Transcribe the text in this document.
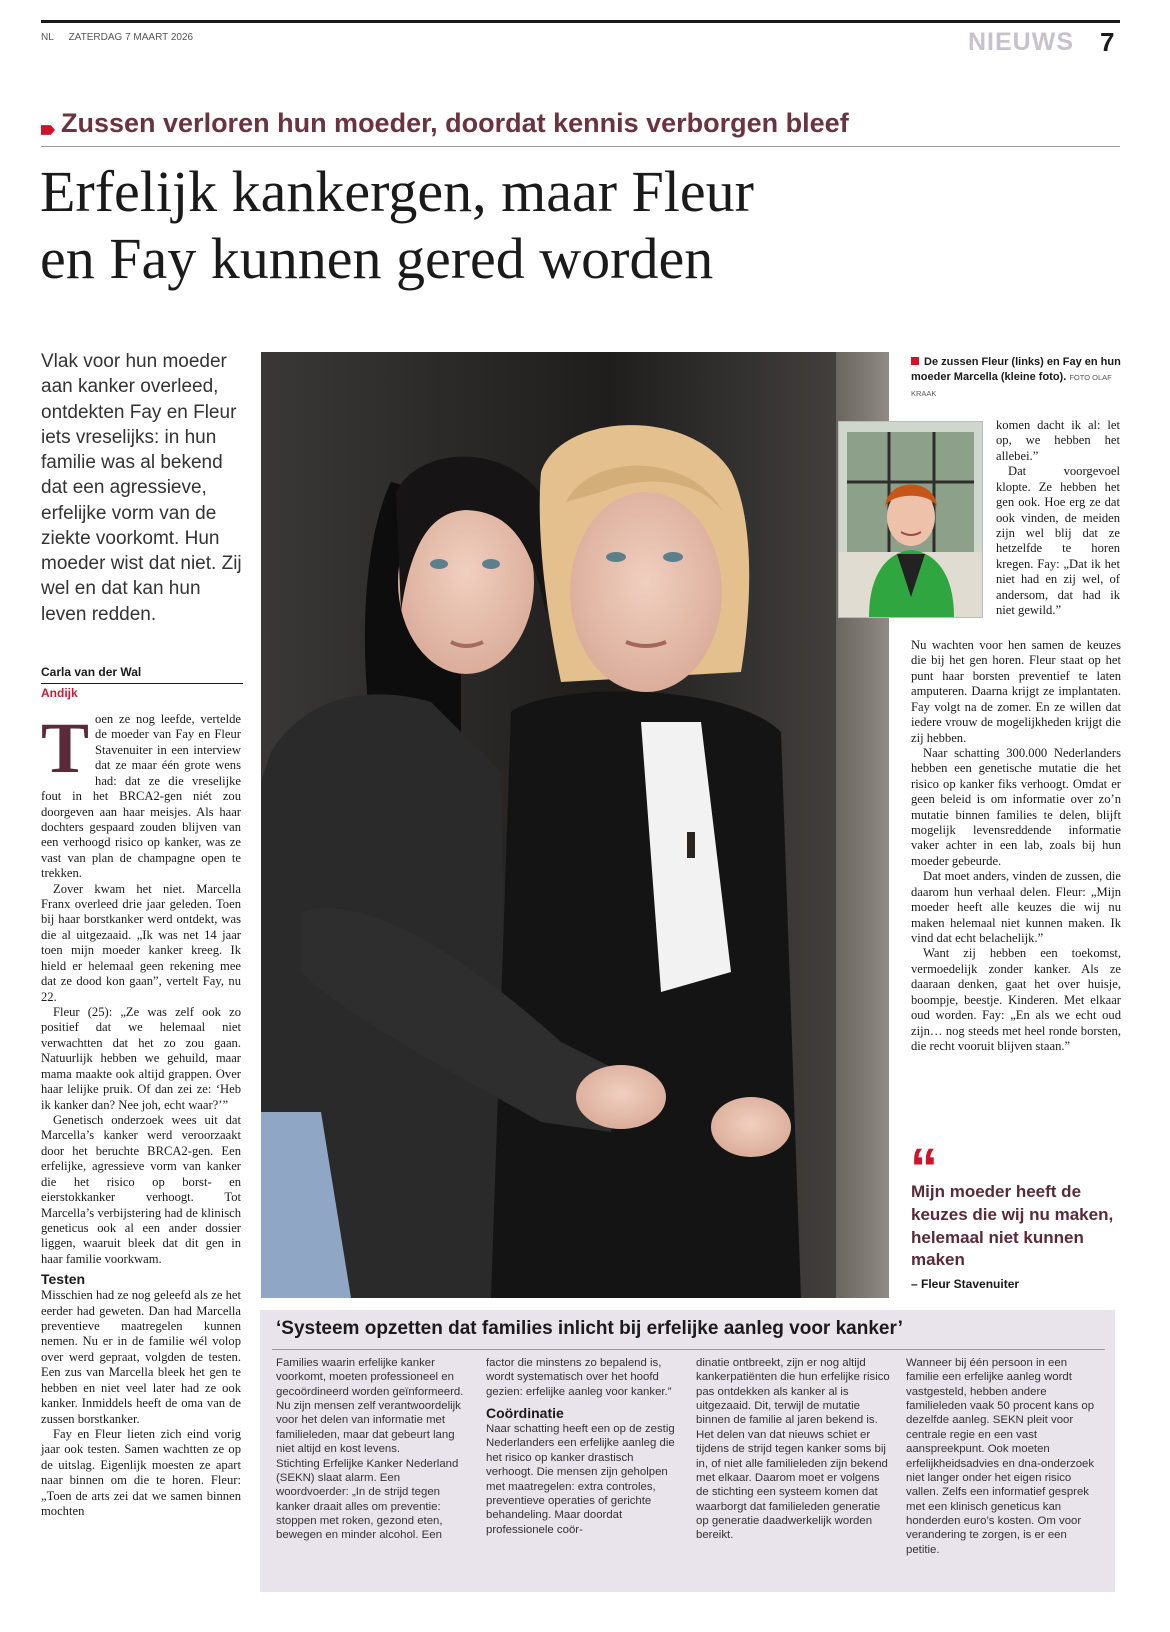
NL ZATERDAG 7 MAART 2026	NIEUWS 7
Zussen verloren hun moeder, doordat kennis verborgen bleef
Erfelijk kankergen, maar Fleur
en Fay kunnen gered worden
Vlak voor hun moeder aan kanker overleed, ontdekten Fay en Fleur iets vreselijks: in hun familie was al bekend dat een agressieve, erfelijke vorm van de ziekte voorkomt. Hun moeder wist dat niet. Zij wel en dat kan hun leven redden.
Carla van der Wal
Andijk

Toen ze nog leefde, vertelde de moeder van Fay en Fleur Stavenuiter in een interview dat ze maar één grote wens had: dat ze die vreselijke fout in het BRCA2-gen niét zou doorgeven aan haar meisjes. Als haar dochters gespaard zouden blijven van een verhoogd risico op kanker, was ze vast van plan de champagne open te trekken.

Zover kwam het niet. Marcella Franx overleed drie jaar geleden. Toen bij haar borstkanker werd ontdekt, was die al uitgezaaid. „Ik was net 14 jaar toen mijn moeder kanker kreeg. Ik hield er helemaal geen rekening mee dat ze dood kon gaan”, vertelt Fay, nu 22.

Fleur (25): „Ze was zelf ook zo positief dat we helemaal niet verwachtten dat het zo zou gaan. Natuurlijk hebben we gehuild, maar mama maakte ook altijd grappen. Over haar lelijke pruik. Of dan zei ze: ‘Heb ik kanker dan? Nee joh, echt waar?’”

Genetisch onderzoek wees uit dat Marcella’s kanker werd veroorzaakt door het beruchte BRCA2-gen. Een erfelijke, agressieve vorm van kanker die het risico op borst- en eierstokkanker verhoogt. Tot Marcella’s verbijstering had de klinisch geneticus ook al een ander dossier liggen, waaruit bleek dat dit gen in haar familie voorkwam.

Testen

Misschien had ze nog geleefd als ze het eerder had geweten. Dan had Marcella preventieve maatregelen kunnen nemen. Nu er in de familie wél volop over werd gepraat, volgden de testen. Een zus van Marcella bleek het gen te hebben en niet veel later had ze ook kanker. Inmiddels heeft de oma van de zussen borstkanker.

Fay en Fleur lieten zich eind vorig jaar ook testen. Samen wachtten ze op de uitslag. Eigenlijk moesten ze apart naar binnen om die te horen. Fleur: „Toen de arts zei dat we samen binnen mochten

De zussen Fleur (links) en Fay en hun moeder Marcella (kleine foto). FOTO OLAF KRAAK

komen dacht ik al: let op, we hebben het allebei.”

Dat voorgevoel klopte. Ze hebben het gen ook. Hoe erg ze dat ook vinden, de meiden zijn wel blij dat ze hetzelfde te horen kregen. Fay: „Dat ik het niet had en zij wel, of andersom, dat had ik niet gewild.”

Nu wachten voor hen samen de keuzes die bij het gen horen. Fleur staat op het punt haar borsten preventief te laten amputeren. Daarna krijgt ze implantaten. Fay volgt na de zomer. En ze willen dat iedere vrouw de mogelijkheden krijgt die zij hebben.

Naar schatting 300.000 Nederlanders hebben een genetische mutatie die het risico op kanker fiks verhoogt. Omdat er geen beleid is om informatie over zo’n mutatie binnen families te delen, blijft mogelijk levensreddende informatie vaker achter in een lab, zoals bij hun moeder gebeurde.

Dat moet anders, vinden de zussen, die daarom hun verhaal delen. Fleur: „Mijn moeder heeft alle keuzes die wij nu maken helemaal niet kunnen maken. Ik vind dat echt belachelijk.”

Want zij hebben een toekomst, vermoedelijk zonder kanker. Als ze daaraan denken, gaat het over huisje, boompje, beestje. Kinderen. Met elkaar oud worden. Fay: „En als we echt oud zijn… nog steeds met heel ronde borsten, die recht vooruit blijven staan.”

“
Mijn moeder heeft de keuzes die wij nu maken, helemaal niet kunnen maken
– Fleur Stavenuiter
‘Systeem opzetten dat families inlicht bij erfelijke aanleg voor kanker’
Families waarin erfelijke kanker voorkomt, moeten professioneel en gecoördineerd worden geïnformeerd. Nu zijn mensen zelf verantwoordelijk voor het delen van informatie met familieleden, maar dat gebeurt lang niet altijd en kost levens.
Stichting Erfelijke Kanker Nederland (SEKN) slaat alarm. Een woordvoerder: „In de strijd tegen kanker draait alles om preventie: stoppen met roken, gezond eten, bewegen en minder alcohol. Een

factor die minstens zo bepalend is, wordt systematisch over het hoofd gezien: erfelijke aanleg voor kanker.”

Coördinatie

Naar schatting heeft een op de zestig Nederlanders een erfelijke aanleg die het risico op kanker drastisch verhoogt. Die mensen zijn geholpen met maatregelen: extra controles, preventieve operaties of gerichte behandeling. Maar doordat professionele coör-

dinatie ontbreekt, zijn er nog altijd kankerpatiënten die hun erfelijke risico pas ontdekken als kanker al is uitgezaaid. Dit, terwijl de mutatie binnen de familie al jaren bekend is. Het delen van dat nieuws schiet er tijdens de strijd tegen kanker soms bij in, of niet alle familieleden zijn bekend met elkaar. Daarom moet er volgens de stichting een systeem komen dat waarborgt dat familieleden generatie op generatie daadwerkelijk worden bereikt.
Wanneer bij één persoon in een familie een erfelijke aanleg wordt vastgesteld, hebben andere familieleden vaak 50 procent kans op dezelfde aanleg. SEKN pleit voor centrale regie en een vast aanspreekpunt. Ook moeten erfelijkheidsadvies en dna-onderzoek niet langer onder het eigen risico vallen. Zelfs een informatief gesprek met een klinisch geneticus kan honderden euro’s kosten. Om voor verandering te zorgen, is er een petitie.
